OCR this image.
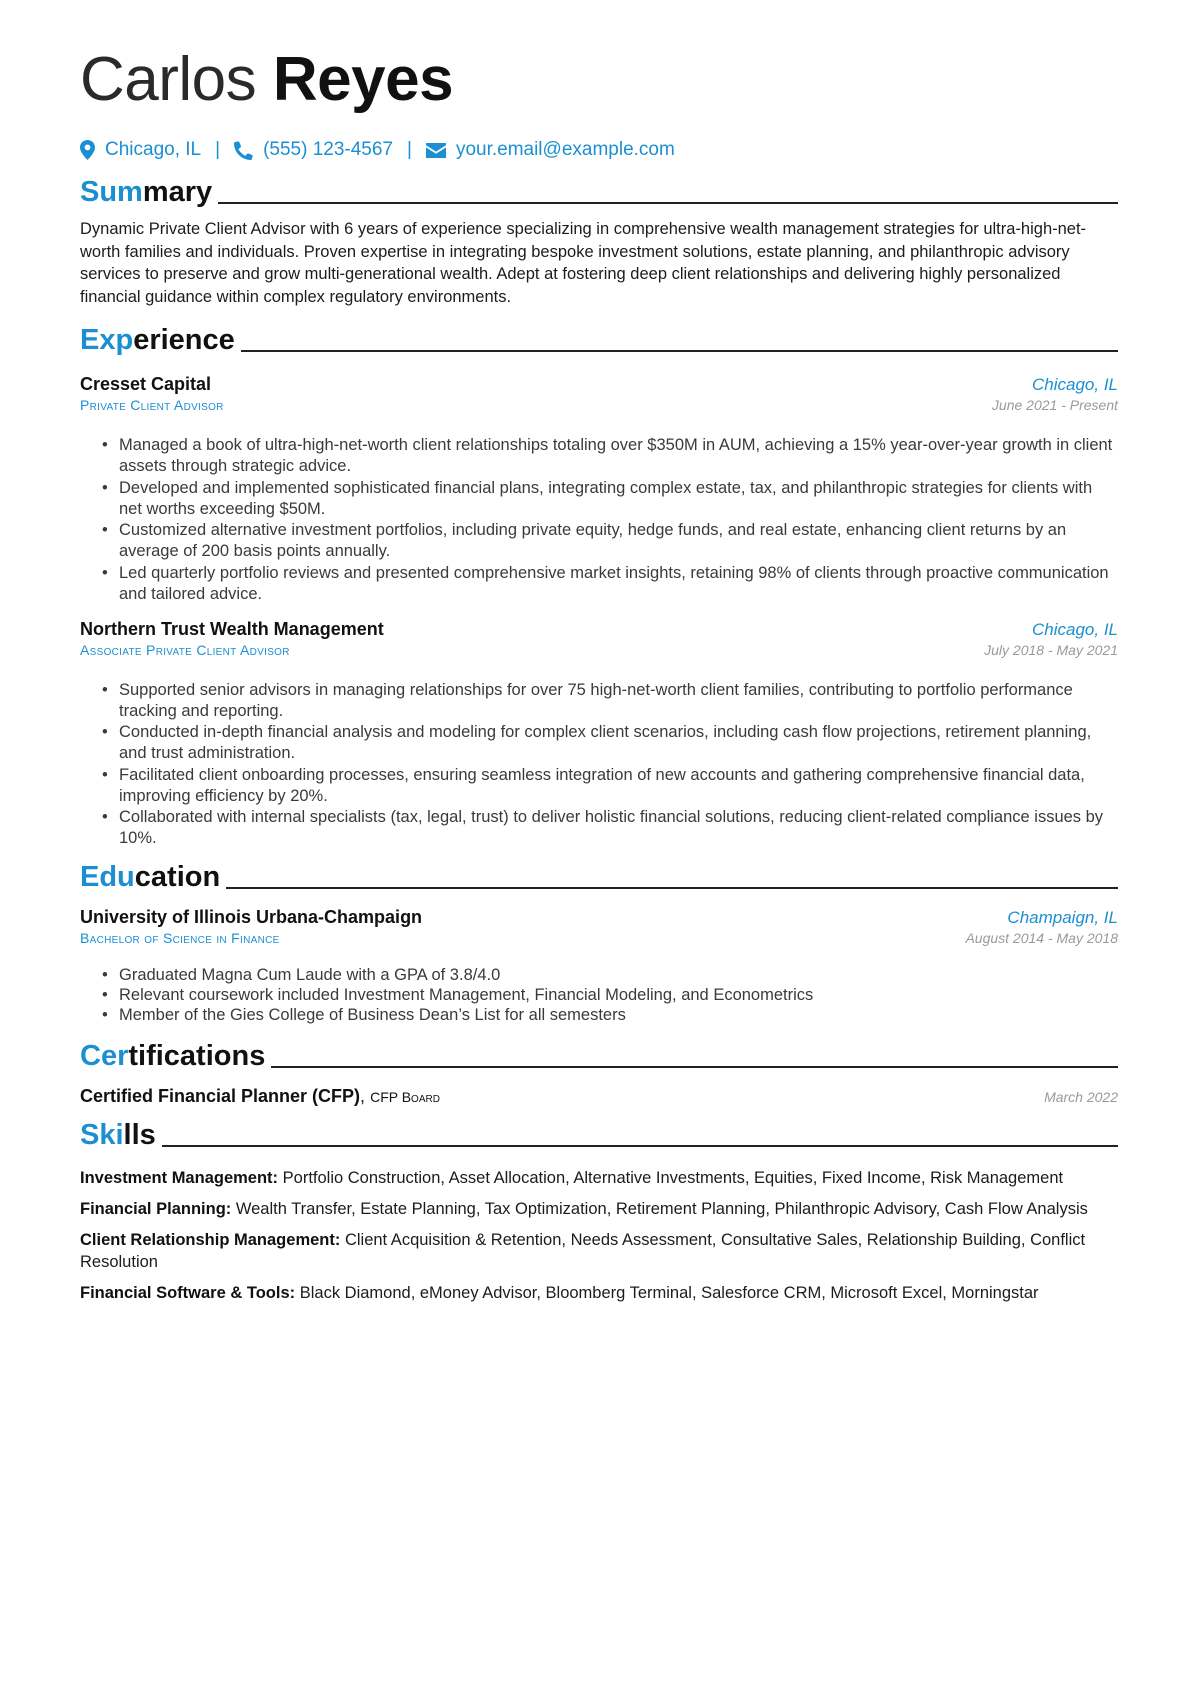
Carlos Reyes
Chicago, IL | (555) 123-4567 | your.email@example.com
Summary
Dynamic Private Client Advisor with 6 years of experience specializing in comprehensive wealth management strategies for ultra-high-net-worth families and individuals. Proven expertise in integrating bespoke investment solutions, estate planning, and philanthropic advisory services to preserve and grow multi-generational wealth. Adept at fostering deep client relationships and delivering highly personalized financial guidance within complex regulatory environments.
Experience
Cresset Capital	Chicago, IL
Private Client Advisor	June 2021 - Present
• Managed a book of ultra-high-net-worth client relationships totaling over $350M in AUM, achieving a 15% year-over-year growth in client assets through strategic advice.
• Developed and implemented sophisticated financial plans, integrating complex estate, tax, and philanthropic strategies for clients with net worths exceeding $50M.
• Customized alternative investment portfolios, including private equity, hedge funds, and real estate, enhancing client returns by an average of 200 basis points annually.
• Led quarterly portfolio reviews and presented comprehensive market insights, retaining 98% of clients through proactive communication and tailored advice.
Northern Trust Wealth Management	Chicago, IL
Associate Private Client Advisor	July 2018 - May 2021
• Supported senior advisors in managing relationships for over 75 high-net-worth client families, contributing to portfolio performance tracking and reporting.
• Conducted in-depth financial analysis and modeling for complex client scenarios, including cash flow projections, retirement planning, and trust administration.
• Facilitated client onboarding processes, ensuring seamless integration of new accounts and gathering comprehensive financial data, improving efficiency by 20%.
• Collaborated with internal specialists (tax, legal, trust) to deliver holistic financial solutions, reducing client-related compliance issues by 10%.
Education
University of Illinois Urbana-Champaign	Champaign, IL
Bachelor of Science in Finance	August 2014 - May 2018
• Graduated Magna Cum Laude with a GPA of 3.8/4.0
• Relevant coursework included Investment Management, Financial Modeling, and Econometrics
• Member of the Gies College of Business Dean’s List for all semesters
Certifications
Certified Financial Planner (CFP), CFP Board	March 2022
Skills
Investment Management: Portfolio Construction, Asset Allocation, Alternative Investments, Equities, Fixed Income, Risk Management
Financial Planning: Wealth Transfer, Estate Planning, Tax Optimization, Retirement Planning, Philanthropic Advisory, Cash Flow Analysis
Client Relationship Management: Client Acquisition & Retention, Needs Assessment, Consultative Sales, Relationship Building, Conflict Resolution
Financial Software & Tools: Black Diamond, eMoney Advisor, Bloomberg Terminal, Salesforce CRM, Microsoft Excel, Morningstar
